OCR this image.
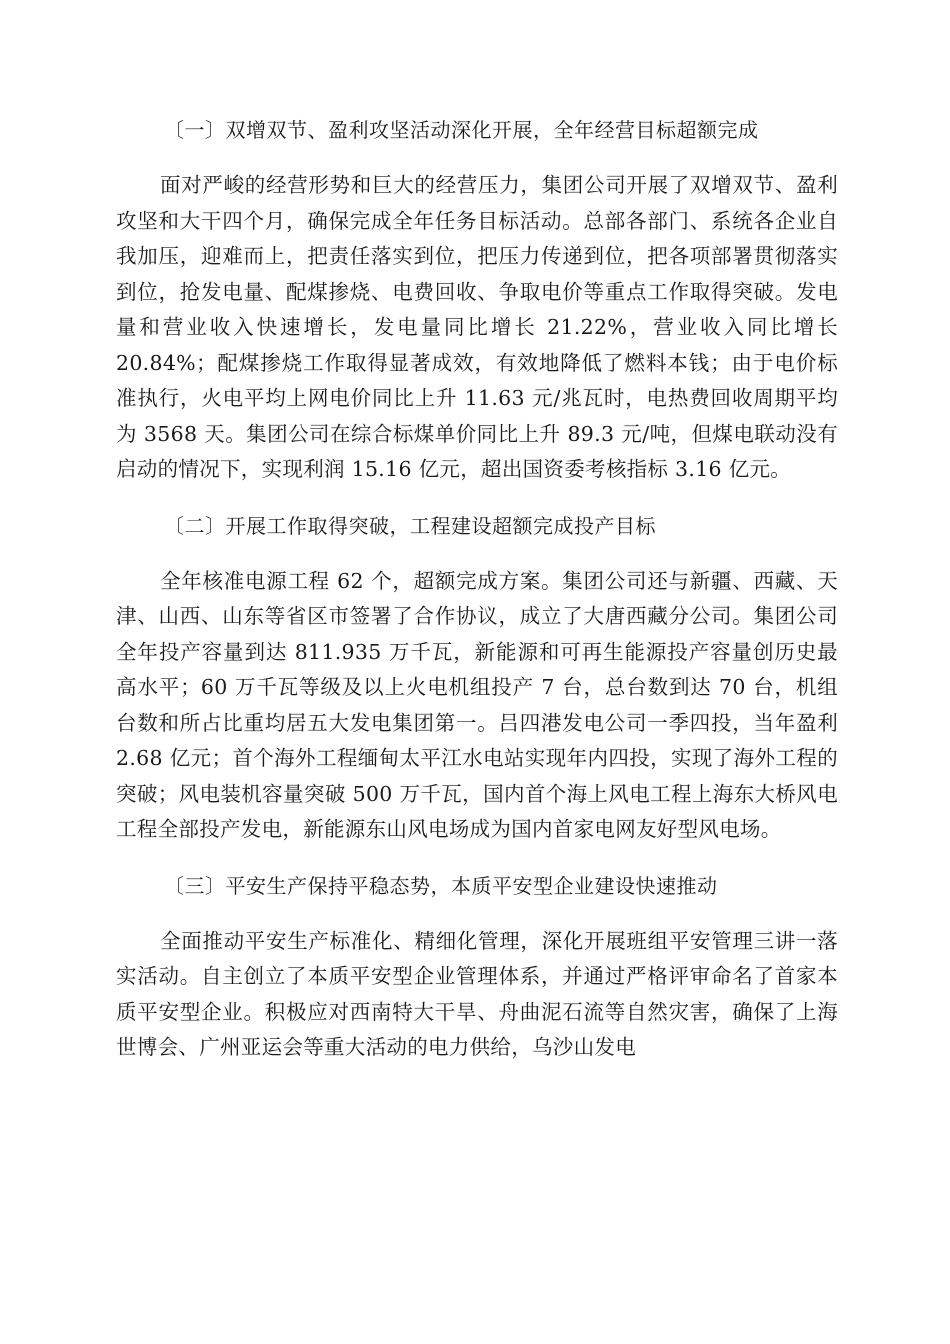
〔一〕双增双节、盈利攻坚活动深化开展，全年经营目标超额完成

面对严峻的经营形势和巨大的经营压力，集团公司开展了双增双节、盈利攻坚和大干四个月，确保完成全年任务目标活动。总部各部门、系统各企业自我加压，迎难而上，把责任落实到位，把压力传递到位，把各项部署贯彻落实到位，抢发电量、配煤掺烧、电费回收、争取电价等重点工作取得突破。发电量和营业收入快速增长，发电量同比增长 21.22%，营业收入同比增长 20.84%；配煤掺烧工作取得显著成效，有效地降低了燃料本钱；由于电价标准执行，火电平均上网电价同比上升 11.63 元/兆瓦时，电热费回收周期平均为 3568 天。集团公司在综合标煤单价同比上升 89.3 元/吨，但煤电联动没有启动的情况下，实现利润 15.16 亿元，超出国资委考核指标 3.16 亿元。

〔二〕开展工作取得突破，工程建设超额完成投产目标

全年核准电源工程 62 个，超额完成方案。集团公司还与新疆、西藏、天津、山西、山东等省区市签署了合作协议，成立了大唐西藏分公司。集团公司全年投产容量到达 811.935 万千瓦，新能源和可再生能源投产容量创历史最高水平；60 万千瓦等级及以上火电机组投产 7 台，总台数到达 70 台，机组台数和所占比重均居五大发电集团第一。吕四港发电公司一季四投，当年盈利 2.68 亿元；首个海外工程缅甸太平江水电站实现年内四投，实现了海外工程的突破；风电装机容量突破 500 万千瓦，国内首个海上风电工程上海东大桥风电工程全部投产发电，新能源东山风电场成为国内首家电网友好型风电场。

〔三〕平安生产保持平稳态势，本质平安型企业建设快速推动

全面推动平安生产标准化、精细化管理，深化开展班组平安管理三讲一落实活动。自主创立了本质平安型企业管理体系，并通过严格评审命名了首家本质平安型企业。积极应对西南特大干旱、舟曲泥石流等自然灾害，确保了上海世博会、广州亚运会等重大活动的电力供给，乌沙山发电
